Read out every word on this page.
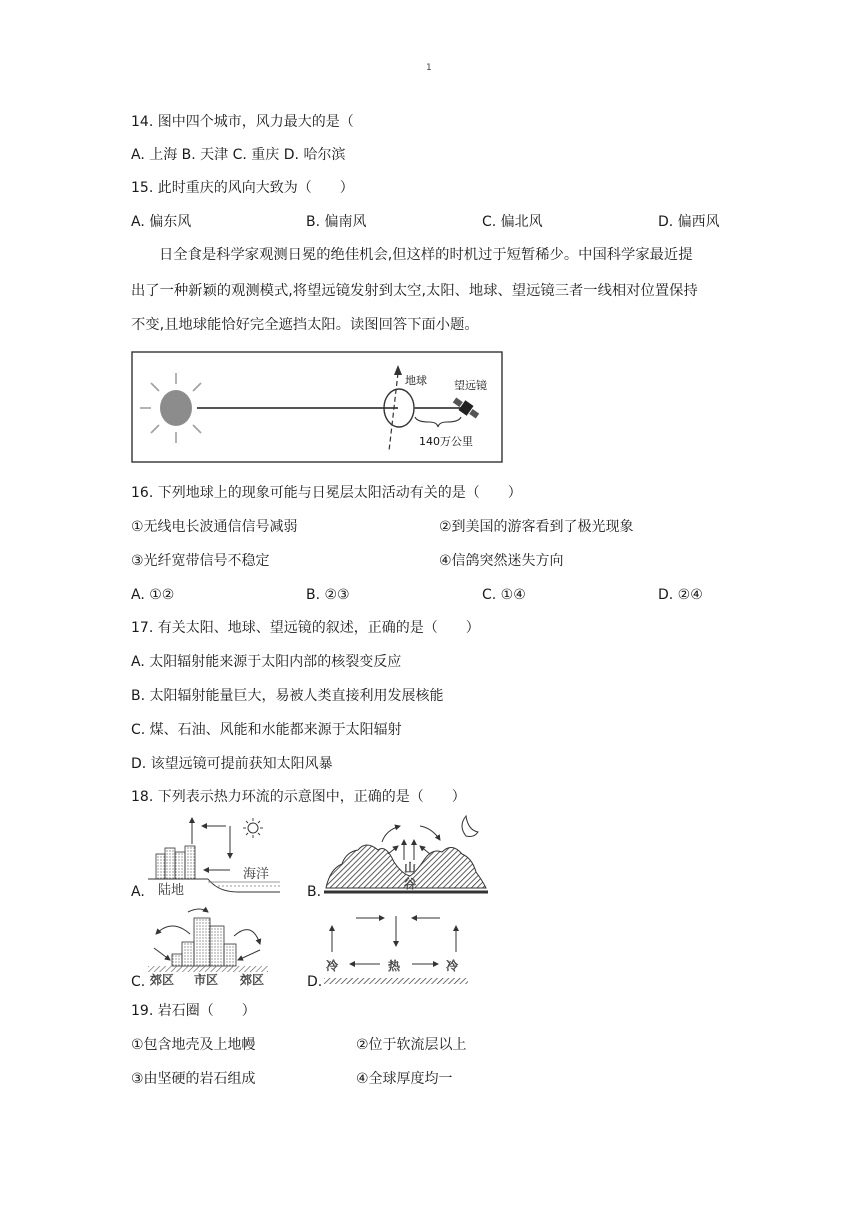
1
14. 图中四个城市，风力最大的是（
A. 上海 B. 天津 C. 重庆 D. 哈尔滨
15. 此时重庆的风向大致为（　　）
A. 偏东风	B. 偏南风	C. 偏北风	D. 偏西风
日全食是科学家观测日冕的绝佳机会,但这样的时机过于短暂稀少。中国科学家最近提
出了一种新颖的观测模式,将望远镜发射到太空,太阳、地球、望远镜三者一线相对位置保持
不变,且地球能恰好完全遮挡太阳。读图回答下面小题。
地球 望远镜
140万公里
16. 下列地球上的现象可能与日冕层太阳活动有关的是（　　）
①无线电长波通信信号减弱	②到美国的游客看到了极光现象
③光纤宽带信号不稳定	④信鸽突然迷失方向
A. ①②	B. ②③	C. ①④	D. ②④
17. 有关太阳、地球、望远镜的叙述，正确的是（　　）
A. 太阳辐射能来源于太阳内部的核裂变反应
B. 太阳辐射能量巨大，易被人类直接利用发展核能
C. 煤、石油、风能和水能都来源于太阳辐射
D. 该望远镜可提前获知太阳风暴
18. 下列表示热力环流的示意图中，正确的是（　　）
A.	B.
C.	D.
海洋
陆地
山
谷
郊区 市区 郊区
冷	热	冷
19. 岩石圈（　　）
①包含地壳及上地幔	②位于软流层以上
③由坚硬的岩石组成	④全球厚度均一
